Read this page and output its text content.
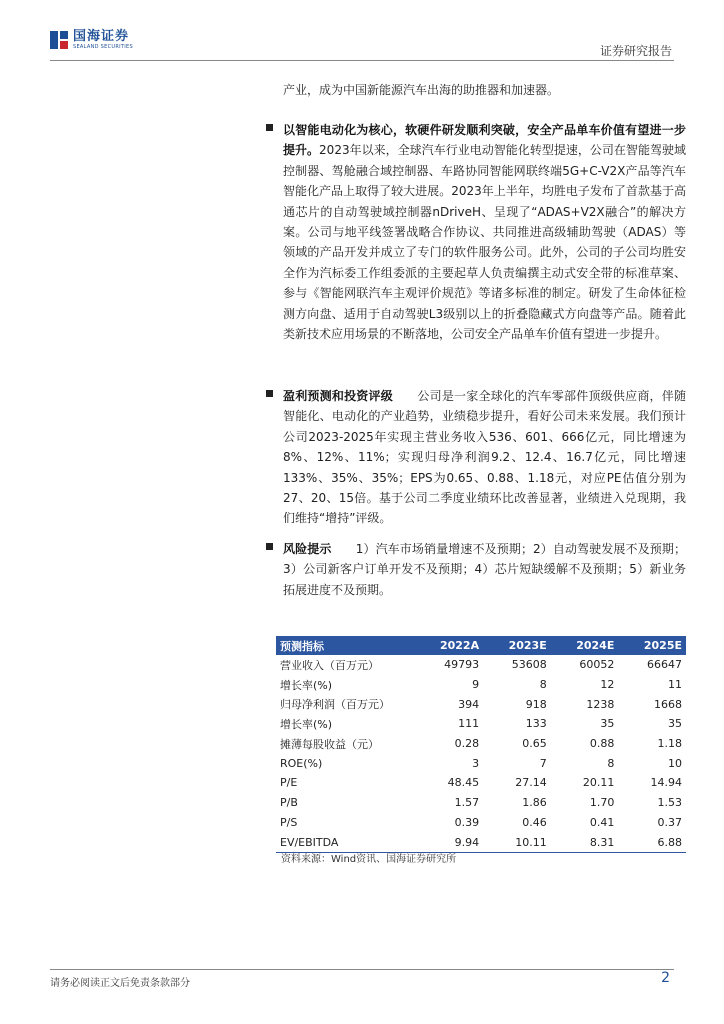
国海证券
SEALAND SECURITIES	证券研究报告
产业，成为中国新能源汽车出海的助推器和加速器。
以智能电动化为核心，软硬件研发顺利突破，安全产品单车价值有望进一步提升。2023年以来，全球汽车行业电动智能化转型提速，公司在智能驾驶域控制器、驾舱融合域控制器、车路协同智能网联终端5G+C-V2X产品等汽车智能化产品上取得了较大进展。2023年上半年，均胜电子发布了首款基于高通芯片的自动驾驶域控制器nDriveH、呈现了“ADAS+V2X融合”的解决方案。公司与地平线签署战略合作协议、共同推进高级辅助驾驶（ADAS）等领域的产品开发并成立了专门的软件服务公司。此外，公司的子公司均胜安全作为汽标委工作组委派的主要起草人负责编撰主动式安全带的标准草案、参与《智能网联汽车主观评价规范》等诸多标准的制定。研发了生命体征检测方向盘、适用于自动驾驶L3级别以上的折叠隐藏式方向盘等产品。随着此类新技术应用场景的不断落地，公司安全产品单车价值有望进一步提升。
盈利预测和投资评级　　公司是一家全球化的汽车零部件顶级供应商，伴随智能化、电动化的产业趋势，业绩稳步提升，看好公司未来发展。我们预计公司2023-2025年实现主营业务收入536、601、666亿元，同比增速为8%、12%、11%；实现归母净利润9.2、12.4、16.7亿元，同比增速133%、35%、35%；EPS为0.65、0.88、1.18元，对应PE估值分别为27、20、15倍。基于公司二季度业绩环比改善显著，业绩进入兑现期，我们维持“增持”评级。
风险提示　　1）汽车市场销量增速不及预期；2）自动驾驶发展不及预期；3）公司新客户订单开发不及预期；4）芯片短缺缓解不及预期；5）新业务拓展进度不及预期。
预测指标	2022A	2023E	2024E	2025E
营业收入（百万元）	49793	53608	60052	66647
增长率(%)	9	8	12	11
归母净利润（百万元）	394	918	1238	1668
增长率(%)	111	133	35	35
摊薄每股收益（元）	0.28	0.65	0.88	1.18
ROE(%)	3	7	8	10
P/E	48.45	27.14	20.11	14.94
P/B	1.57	1.86	1.70	1.53
P/S	0.39	0.46	0.41	0.37
EV/EBITDA	9.94	10.11	8.31	6.88
资料来源：Wind资讯、国海证券研究所
请务必阅读正文后免责条款部分	2
